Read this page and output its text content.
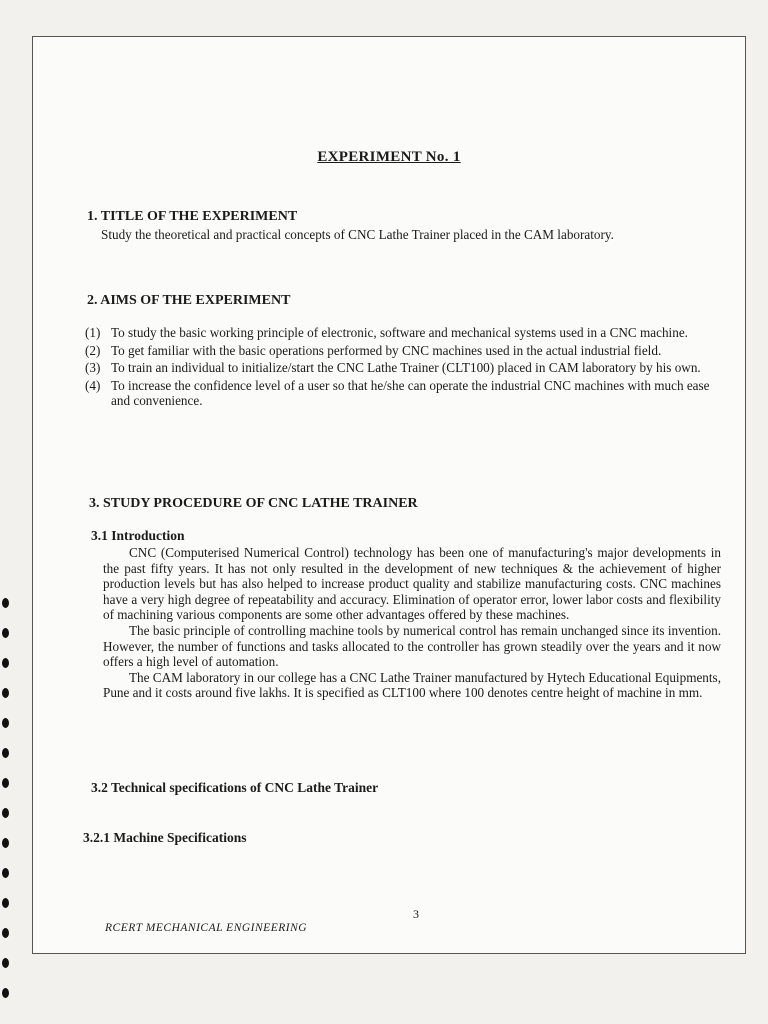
EXPERIMENT No. 1
1. TITLE OF THE EXPERIMENT
Study the theoretical and practical concepts of CNC Lathe Trainer placed in the CAM laboratory.
2. AIMS OF THE EXPERIMENT
(1) To study the basic working principle of electronic, software and mechanical systems used in a CNC machine.
(2) To get familiar with the basic operations performed by CNC machines used in the actual industrial field.
(3) To train an individual to initialize/start the CNC Lathe Trainer (CLT100) placed in CAM laboratory by his own.
(4) To increase the confidence level of a user so that he/she can operate the industrial CNC machines with much ease and convenience.
3. STUDY PROCEDURE OF CNC LATHE TRAINER
3.1 Introduction

CNC (Computerised Numerical Control) technology has been one of manufacturing's major developments in the past fifty years. It has not only resulted in the development of new techniques & the achievement of higher production levels but has also helped to increase product quality and stabilize manufacturing costs. CNC machines have a very high degree of repeatability and accuracy. Elimination of operator error, lower labor costs and flexibility of machining various components are some other advantages offered by these machines.

The basic principle of controlling machine tools by numerical control has remain unchanged since its invention. However, the number of functions and tasks allocated to the controller has grown steadily over the years and it now offers a high level of automation.

The CAM laboratory in our college has a CNC Lathe Trainer manufactured by Hytech Educational Equipments, Pune and it costs around five lakhs. It is specified as CLT100 where 100 denotes centre height of machine in mm.

3.2 Technical specifications of CNC Lathe Trainer
3.2.1 Machine Specifications
3
RCERT MECHANICAL ENGINEERING
